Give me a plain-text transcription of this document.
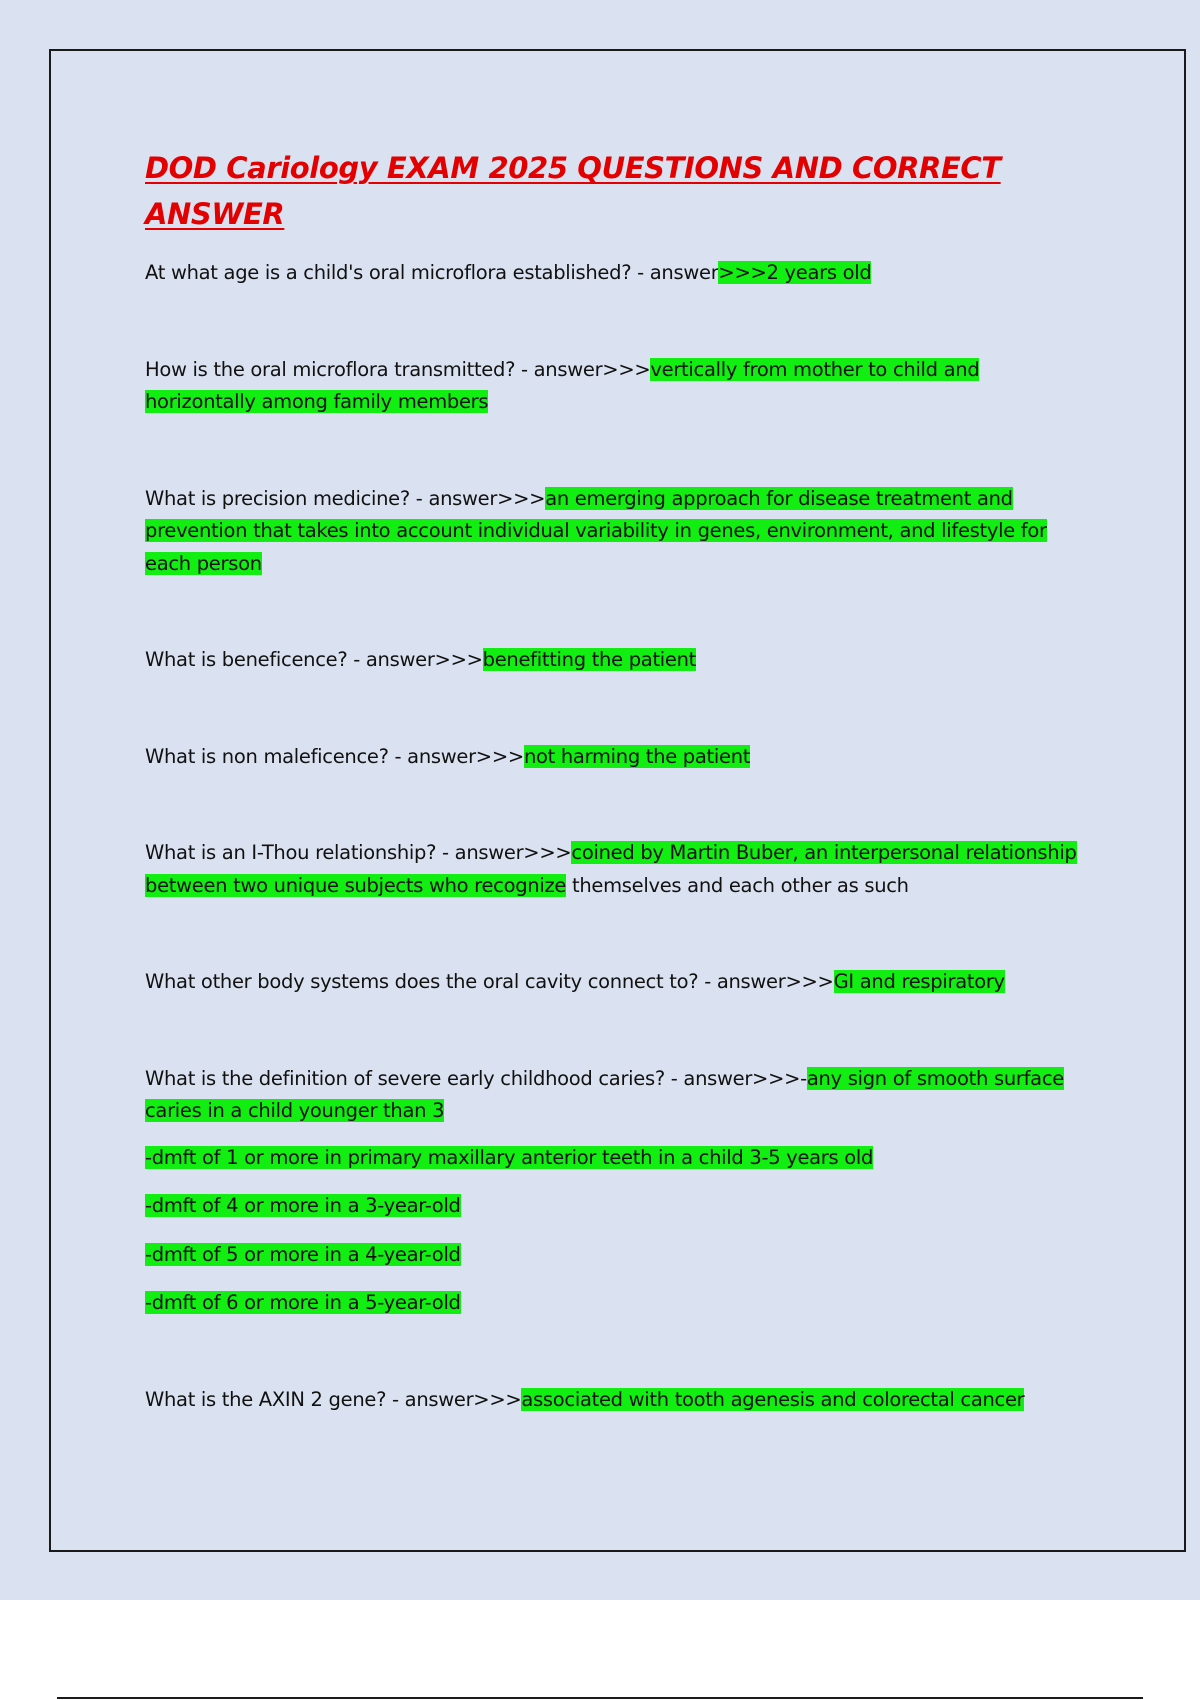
DOD Cariology EXAM 2025 QUESTIONS AND CORRECT ANSWER

At what age is a child's oral microflora established? - answer>>>2 years old

How is the oral microflora transmitted? - answer>>>vertically from mother to child and horizontally among family members

What is precision medicine? - answer>>>an emerging approach for disease treatment and prevention that takes into account individual variability in genes, environment, and lifestyle for each person

What is beneficence? - answer>>>benefitting the patient

What is non maleficence? - answer>>>not harming the patient

What is an I-Thou relationship? - answer>>>coined by Martin Buber, an interpersonal relationship between two unique subjects who recognize themselves and each other as such

What other body systems does the oral cavity connect to? - answer>>>GI and respiratory

What is the definition of severe early childhood caries? - answer>>>-any sign of smooth surface caries in a child younger than 3

-dmft of 1 or more in primary maxillary anterior teeth in a child 3-5 years old

-dmft of 4 or more in a 3-year-old

-dmft of 5 or more in a 4-year-old

-dmft of 6 or more in a 5-year-old

What is the AXIN 2 gene? - answer>>>associated with tooth agenesis and colorectal cancer
